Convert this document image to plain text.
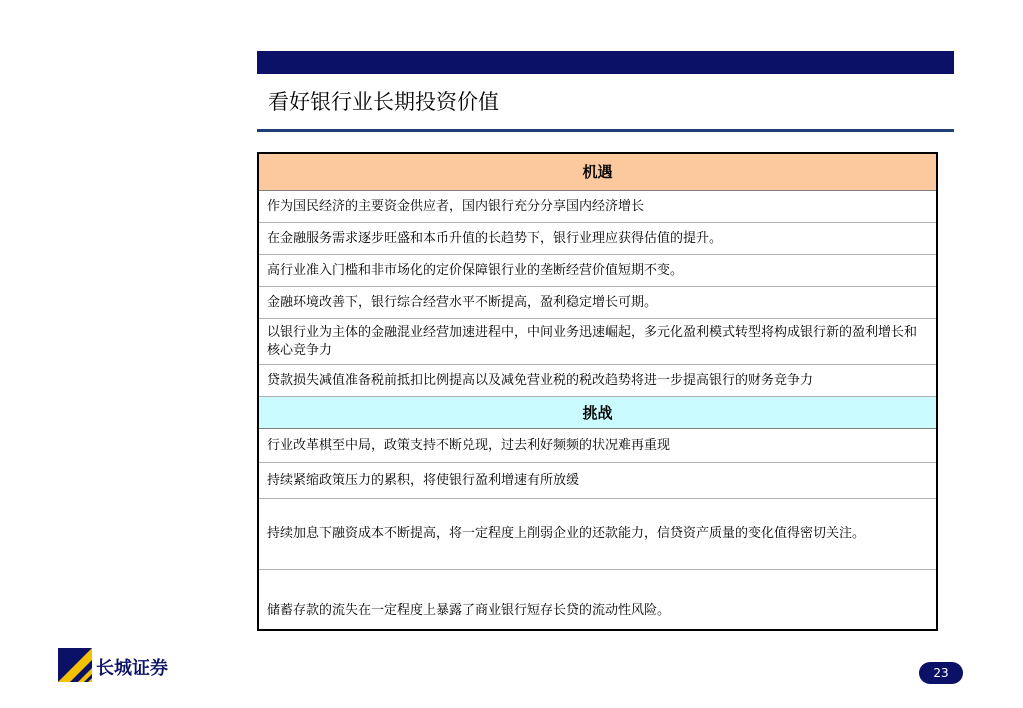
看好银行业长期投资价值
机遇
作为国民经济的主要资金供应者，国内银行充分分享国内经济增长
在金融服务需求逐步旺盛和本币升值的长趋势下，银行业理应获得估值的提升。
高行业准入门槛和非市场化的定价保障银行业的垄断经营价值短期不变。
金融环境改善下，银行综合经营水平不断提高，盈利稳定增长可期。
以银行业为主体的金融混业经营加速进程中，中间业务迅速崛起，多元化盈利模式转型将构成银行新的盈利增长和核心竞争力
贷款损失减值准备税前抵扣比例提高以及减免营业税的税改趋势将进一步提高银行的财务竞争力
挑战
行业改革棋至中局，政策支持不断兑现，过去利好频频的状况难再重现
持续紧缩政策压力的累积，将使银行盈利增速有所放缓
持续加息下融资成本不断提高，将一定程度上削弱企业的还款能力，信贷资产质量的变化值得密切关注。
储蓄存款的流失在一定程度上暴露了商业银行短存长贷的流动性风险。
长城证券	23
